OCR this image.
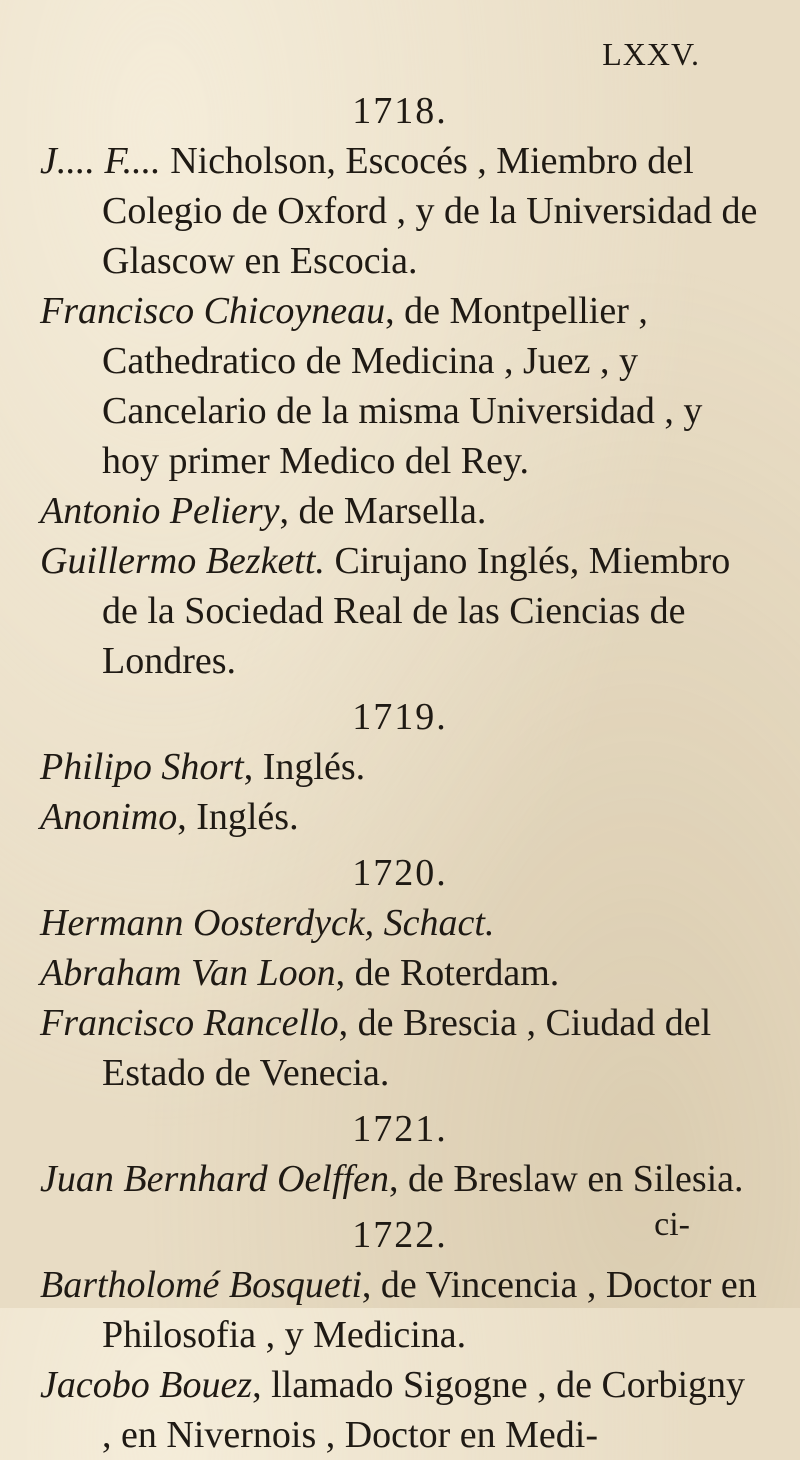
LXXV.
1718.

J.... F.... Nicholson, Escocés , Miembro del Colegio de Oxford , y de la Universidad de Glascow en Escocia.

Francisco Chicoyneau, de Montpellier , Cathedratico de Medicina , Juez , y Cancelario de la misma Universidad , y hoy primer Medico del Rey.

Antonio Peliery, de Marsella.

Guillermo Bezkett. Cirujano Inglés, Miembro de la Sociedad Real de las Ciencias de Londres.

1719.

Philipo Short, Inglés.

Anonimo, Inglés.

1720.

Hermann Oosterdyck, Schact.

Abraham Van Loon, de Roterdam.

Francisco Rancello, de Brescia , Ciudad del Estado de Venecia.

1721.

Juan Bernhard Oelffen, de Breslaw en Silesia.

1722.

Bartholomé Bosqueti, de Vincencia , Doctor en Philosofia , y Medicina.

Jacobo Bouez, llamado Sigogne , de Corbigny , en Nivernois , Doctor en Medi-

ci-
